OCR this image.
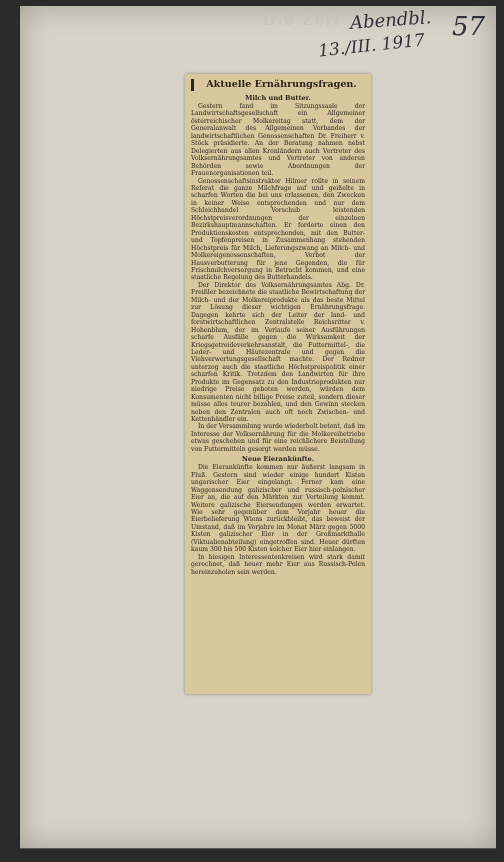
Die Zeit Abendbl.
13./III. 1917
57
Aktuelle Ernährungsfragen.
Milch und Butter.

Gestern fand im Sitzungssaale der Landwirtschaftsgesellschaft ein Allgemeiner österreichischer Molkereitag statt, dem der Generalanwalt des Allgemeinen Verbandes der landwirtschaftlichen Genossenschaften Dr. Freiherr v. Stöck präsidierte. An der Beratung nahmen nebst Delegierten aus allen Kronländern auch Vertreter des Volksernährungsamtes und Vertreter von anderen Behörden sowie Abordnungen der Frauenorganisationen teil.

Genossenschaftsinstruktor Hilmer rollte in seinem Referat die ganze Milchfrage auf und geißelte in scharfen Worten die bei uns erlassenen, den Zwecken in keiner Weise entsprechenden und nur dem Schleichhandel Vorschub leistenden Höchstpreisverordnungen der einzelnen Bezirkshauptmannschaften. Er forderte einen den Produktionskosten entsprechenden, mit den Butter- und Topfenpreisen in Zusammenhang stehenden Höchstpreis für Milch, Lieferungszwang an Milch- und Molkereigenossenschaften, Verbot der Hausverbutterung für jene Gegenden, die für Frischmilchversorgung in Betracht kommen, und eine staatliche Regelung des Butterhandels.

Der Direktor des Volksernährungsamtes Abg. Dr. Freißler bezeichnete die staatliche Bewirtschaftung der Milch- und der Molkereiprodukte als das beste Mittel zur Lösung dieser wichtigen Ernährungsfrage. Dagegen kehrte sich der Leiter der land- und forstwirtschaftlichen Zentralstelle Reichsritter v. Hohenblum, der im Verlaufe seiner Ausführungen scharfe Ausfälle gegen die Wirksamkeit der Kriegsgetreideverkehrsanstalt, die Futtermittel-, die Leder- und Häutezentrale und gegen die Viehverwertungsgesellschaft machte. Der Redner unterzog auch die staatliche Höchstpreispolitik einer scharfen Kritik. Trotzdem den Landwirten für ihre Produkte im Gegensatz zu den Industrieprodukten nur niedrige Preise geboten werden, würden dem Konsumenten nicht billige Preise zuteil, sondern dieser müsse alles teurer bezahlen, und den Gewinn stecken neben den Zentralen auch oft noch Zwischen- und Kettenhändler ein.

In der Versammlung wurde wiederholt betont, daß im Interesse der Volksernährung für die Molkereibetriebe etwas geschehen und für eine reichlichere Beistellung von Futtermitteln gesorgt werden müsse.

Neue Eierankünfte.

Die Eierankünfte kommen nur äußerst langsam in Fluß. Gestern sind wieder einige hundert Kisten ungarischer Eier eingelangt. Ferner kam eine Waggonsendung galizischer und russisch-polnischer Eier an, die auf den Märkten zur Verteilung kommt. Weitere galizische Eiersendungen werden erwartet. Wie sehr gegenüber dem Vorjahr heuer die Eierbelieferung Wiens zurückbleibt, das beweist der Umstand, daß im Vorjahre im Monat März gegen 5000 Kisten galizischer Eier in der Großmarkthalle (Viktualienabteilung) eingetroffen sind. Heuer dürften kaum 300 bis 500 Kisten solcher Eier hier einlangen.

In hiesigen Interessentenkreisen wird stark damit gerechnet, daß heuer mehr Eier aus Russisch-Polen hereinzuholen sein werden.
